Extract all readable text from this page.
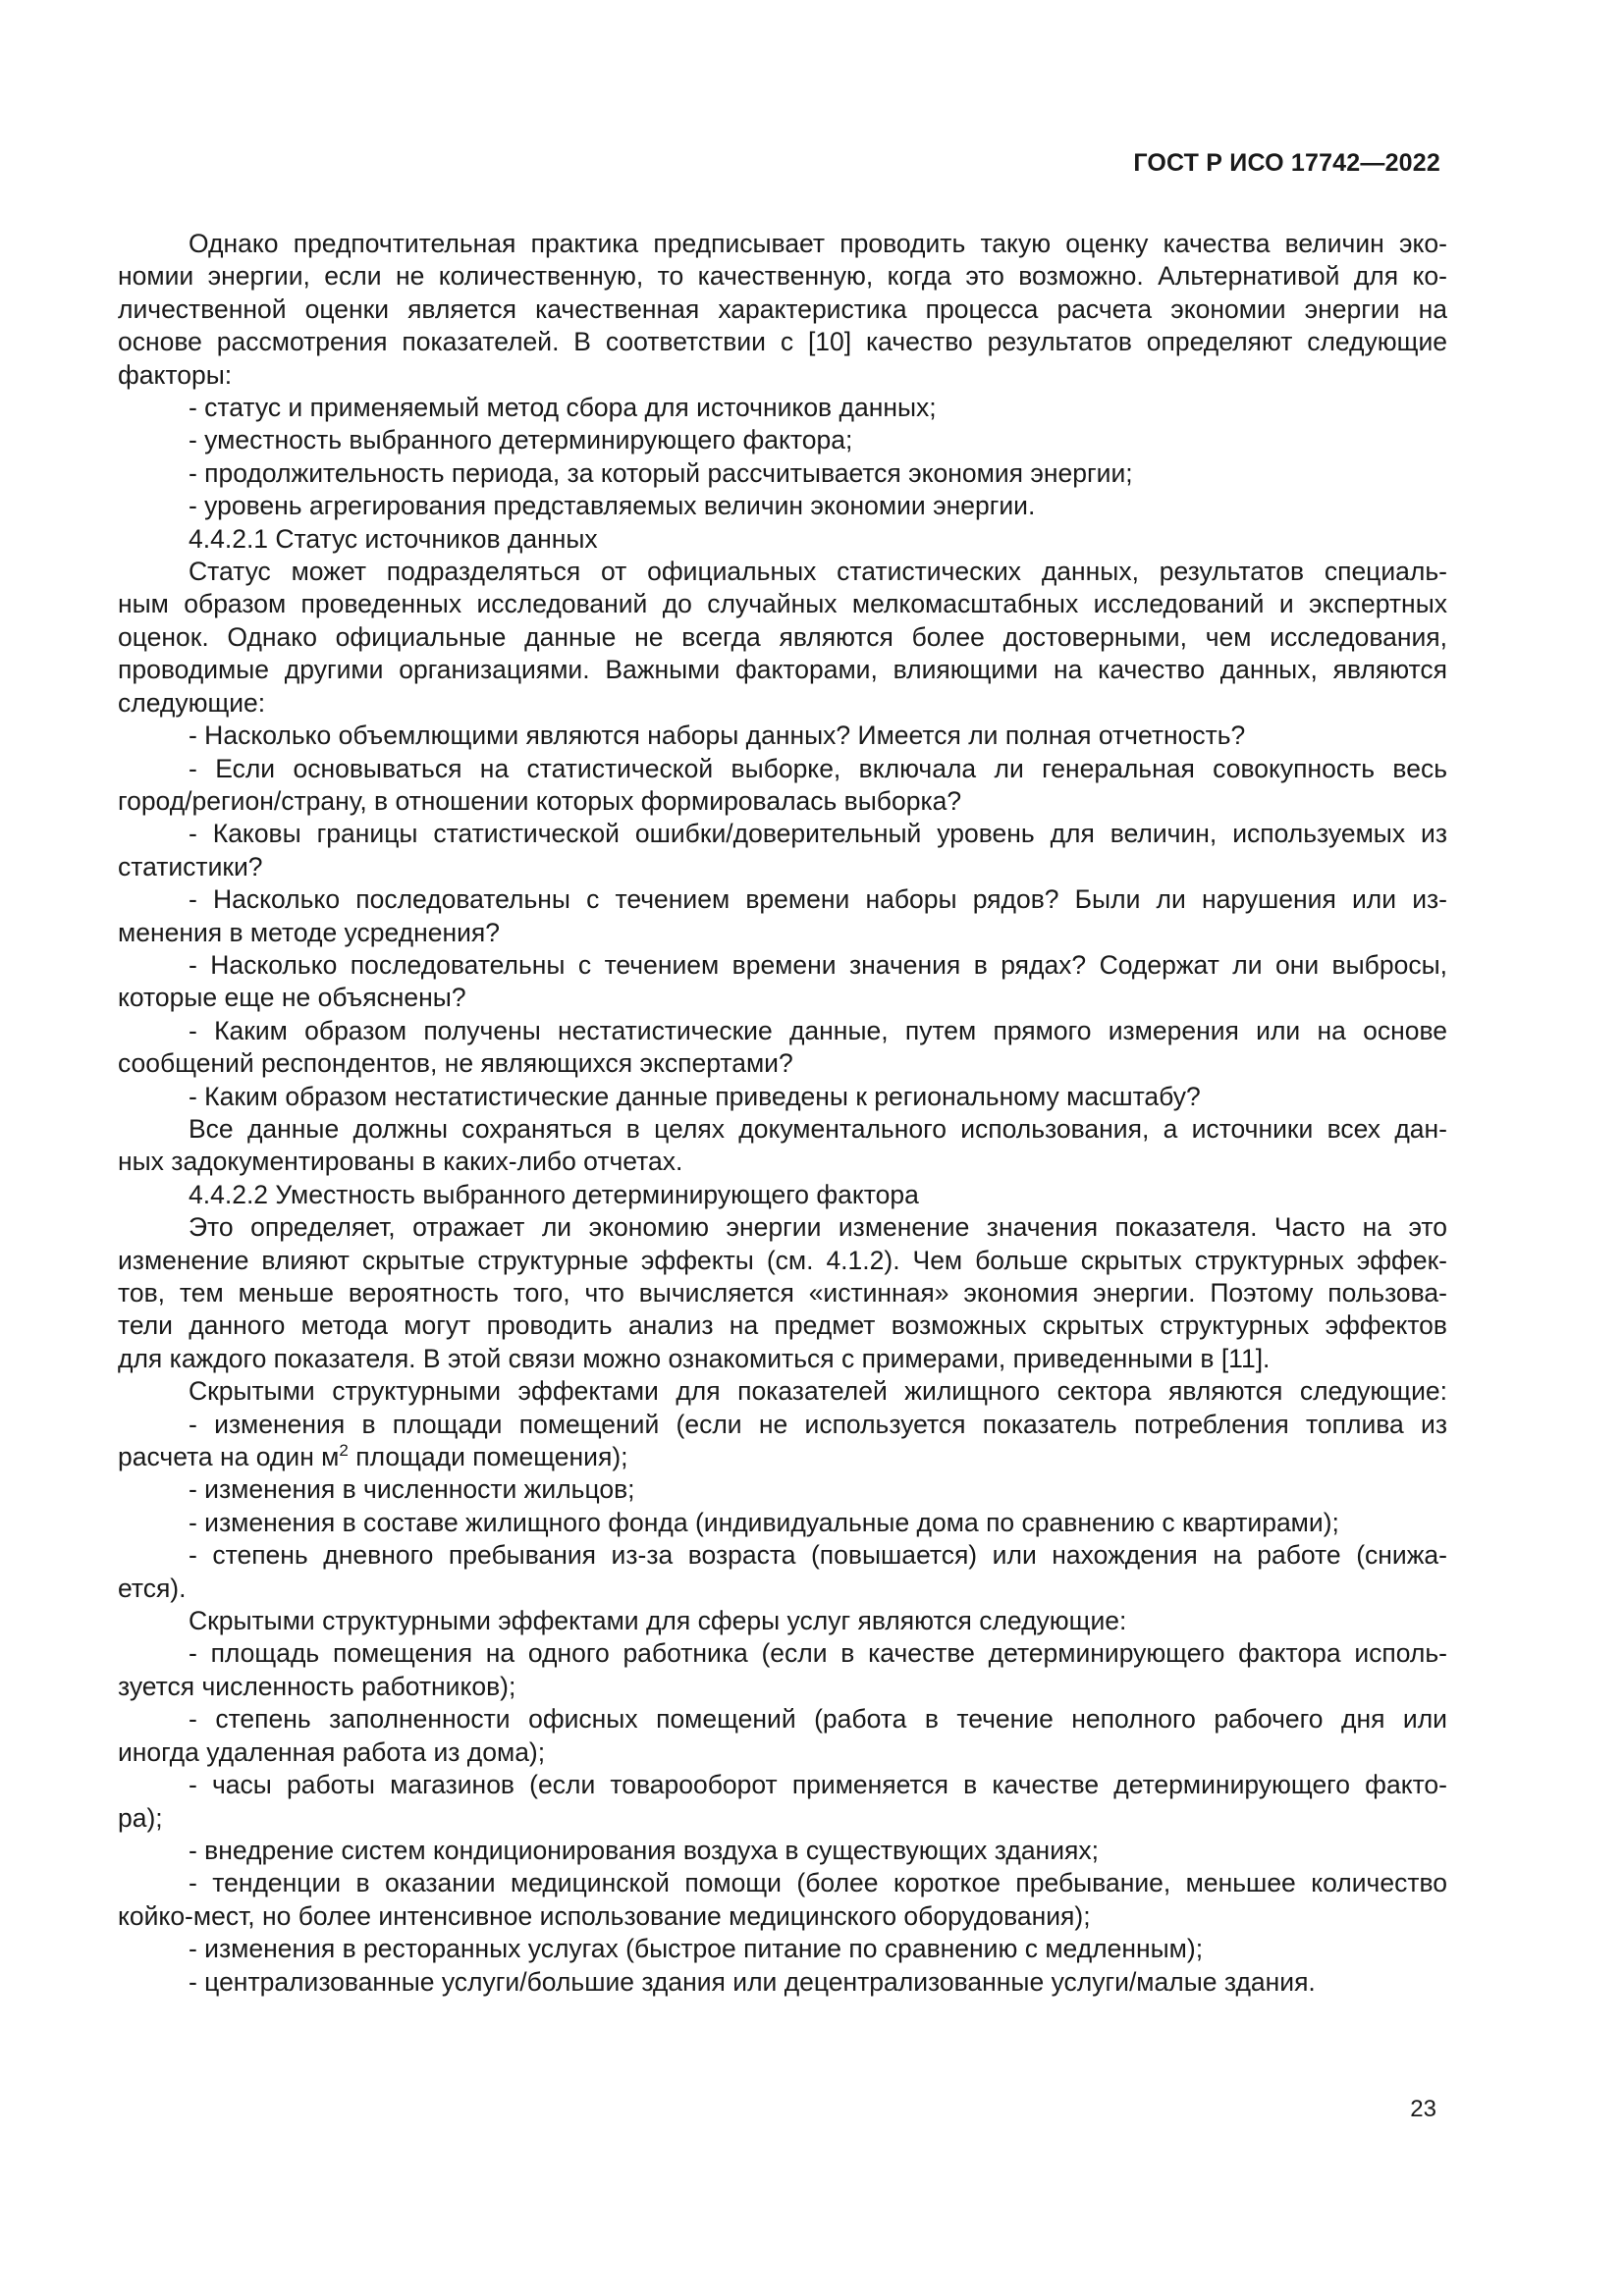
ГОСТ Р ИСО 17742—2022
Однако предпочтительная практика предписывает проводить такую оценку качества величин эко-
номии энергии, если не количественную, то качественную, когда это возможно. Альтернативой для ко-
личественной оценки является качественная характеристика процесса расчета экономии энергии на
основе рассмотрения показателей. В соответствии с [10] качество результатов определяют следующие
факторы:
- статус и применяемый метод сбора для источников данных;
- уместность выбранного детерминирующего фактора;
- продолжительность периода, за который рассчитывается экономия энергии;
- уровень агрегирования представляемых величин экономии энергии.
4.4.2.1 Статус источников данных
Статус может подразделяться от официальных статистических данных, результатов специаль-
ным образом проведенных исследований до случайных мелкомасштабных исследований и экспертных
оценок. Однако официальные данные не всегда являются более достоверными, чем исследования,
проводимые другими организациями. Важными факторами, влияющими на качество данных, являются
следующие:
- Насколько объемлющими являются наборы данных? Имеется ли полная отчетность?
- Если основываться на статистической выборке, включала ли генеральная совокупность весь
город/регион/страну, в отношении которых формировалась выборка?
- Каковы границы статистической ошибки/доверительный уровень для величин, используемых из
статистики?
- Насколько последовательны с течением времени наборы рядов? Были ли нарушения или из-
менения в методе усреднения?
- Насколько последовательны с течением времени значения в рядах? Содержат ли они выбросы,
которые еще не объяснены?
- Каким образом получены нестатистические данные, путем прямого измерения или на основе
сообщений респондентов, не являющихся экспертами?
- Каким образом нестатистические данные приведены к региональному масштабу?
Все данные должны сохраняться в целях документального использования, а источники всех дан-
ных задокументированы в каких-либо отчетах.
4.4.2.2 Уместность выбранного детерминирующего фактора
Это определяет, отражает ли экономию энергии изменение значения показателя. Часто на это
изменение влияют скрытые структурные эффекты (см. 4.1.2). Чем больше скрытых структурных эффек-
тов, тем меньше вероятность того, что вычисляется «истинная» экономия энергии. Поэтому пользова-
тели данного метода могут проводить анализ на предмет возможных скрытых структурных эффектов
для каждого показателя. В этой связи можно ознакомиться с примерами, приведенными в [11].
Скрытыми структурными эффектами для показателей жилищного сектора являются следующие:
- изменения в площади помещений (если не используется показатель потребления топлива из
расчета на один $м^2$ площади помещения);
- изменения в численности жильцов;
- изменения в составе жилищного фонда (индивидуальные дома по сравнению с квартирами);
- степень дневного пребывания из-за возраста (повышается) или нахождения на работе (снижа-
ется).
Скрытыми структурными эффектами для сферы услуг являются следующие:
- площадь помещения на одного работника (если в качестве детерминирующего фактора исполь-
зуется численность работников);
- степень заполненности офисных помещений (работа в течение неполного рабочего дня или
иногда удаленная работа из дома);
- часы работы магазинов (если товарооборот применяется в качестве детерминирующего факто-
ра);
- внедрение систем кондиционирования воздуха в существующих зданиях;
- тенденции в оказании медицинской помощи (более короткое пребывание, меньшее количество
койко-мест, но более интенсивное использование медицинского оборудования);
- изменения в ресторанных услугах (быстрое питание по сравнению с медленным);
- централизованные услуги/большие здания или децентрализованные услуги/малые здания.
23
